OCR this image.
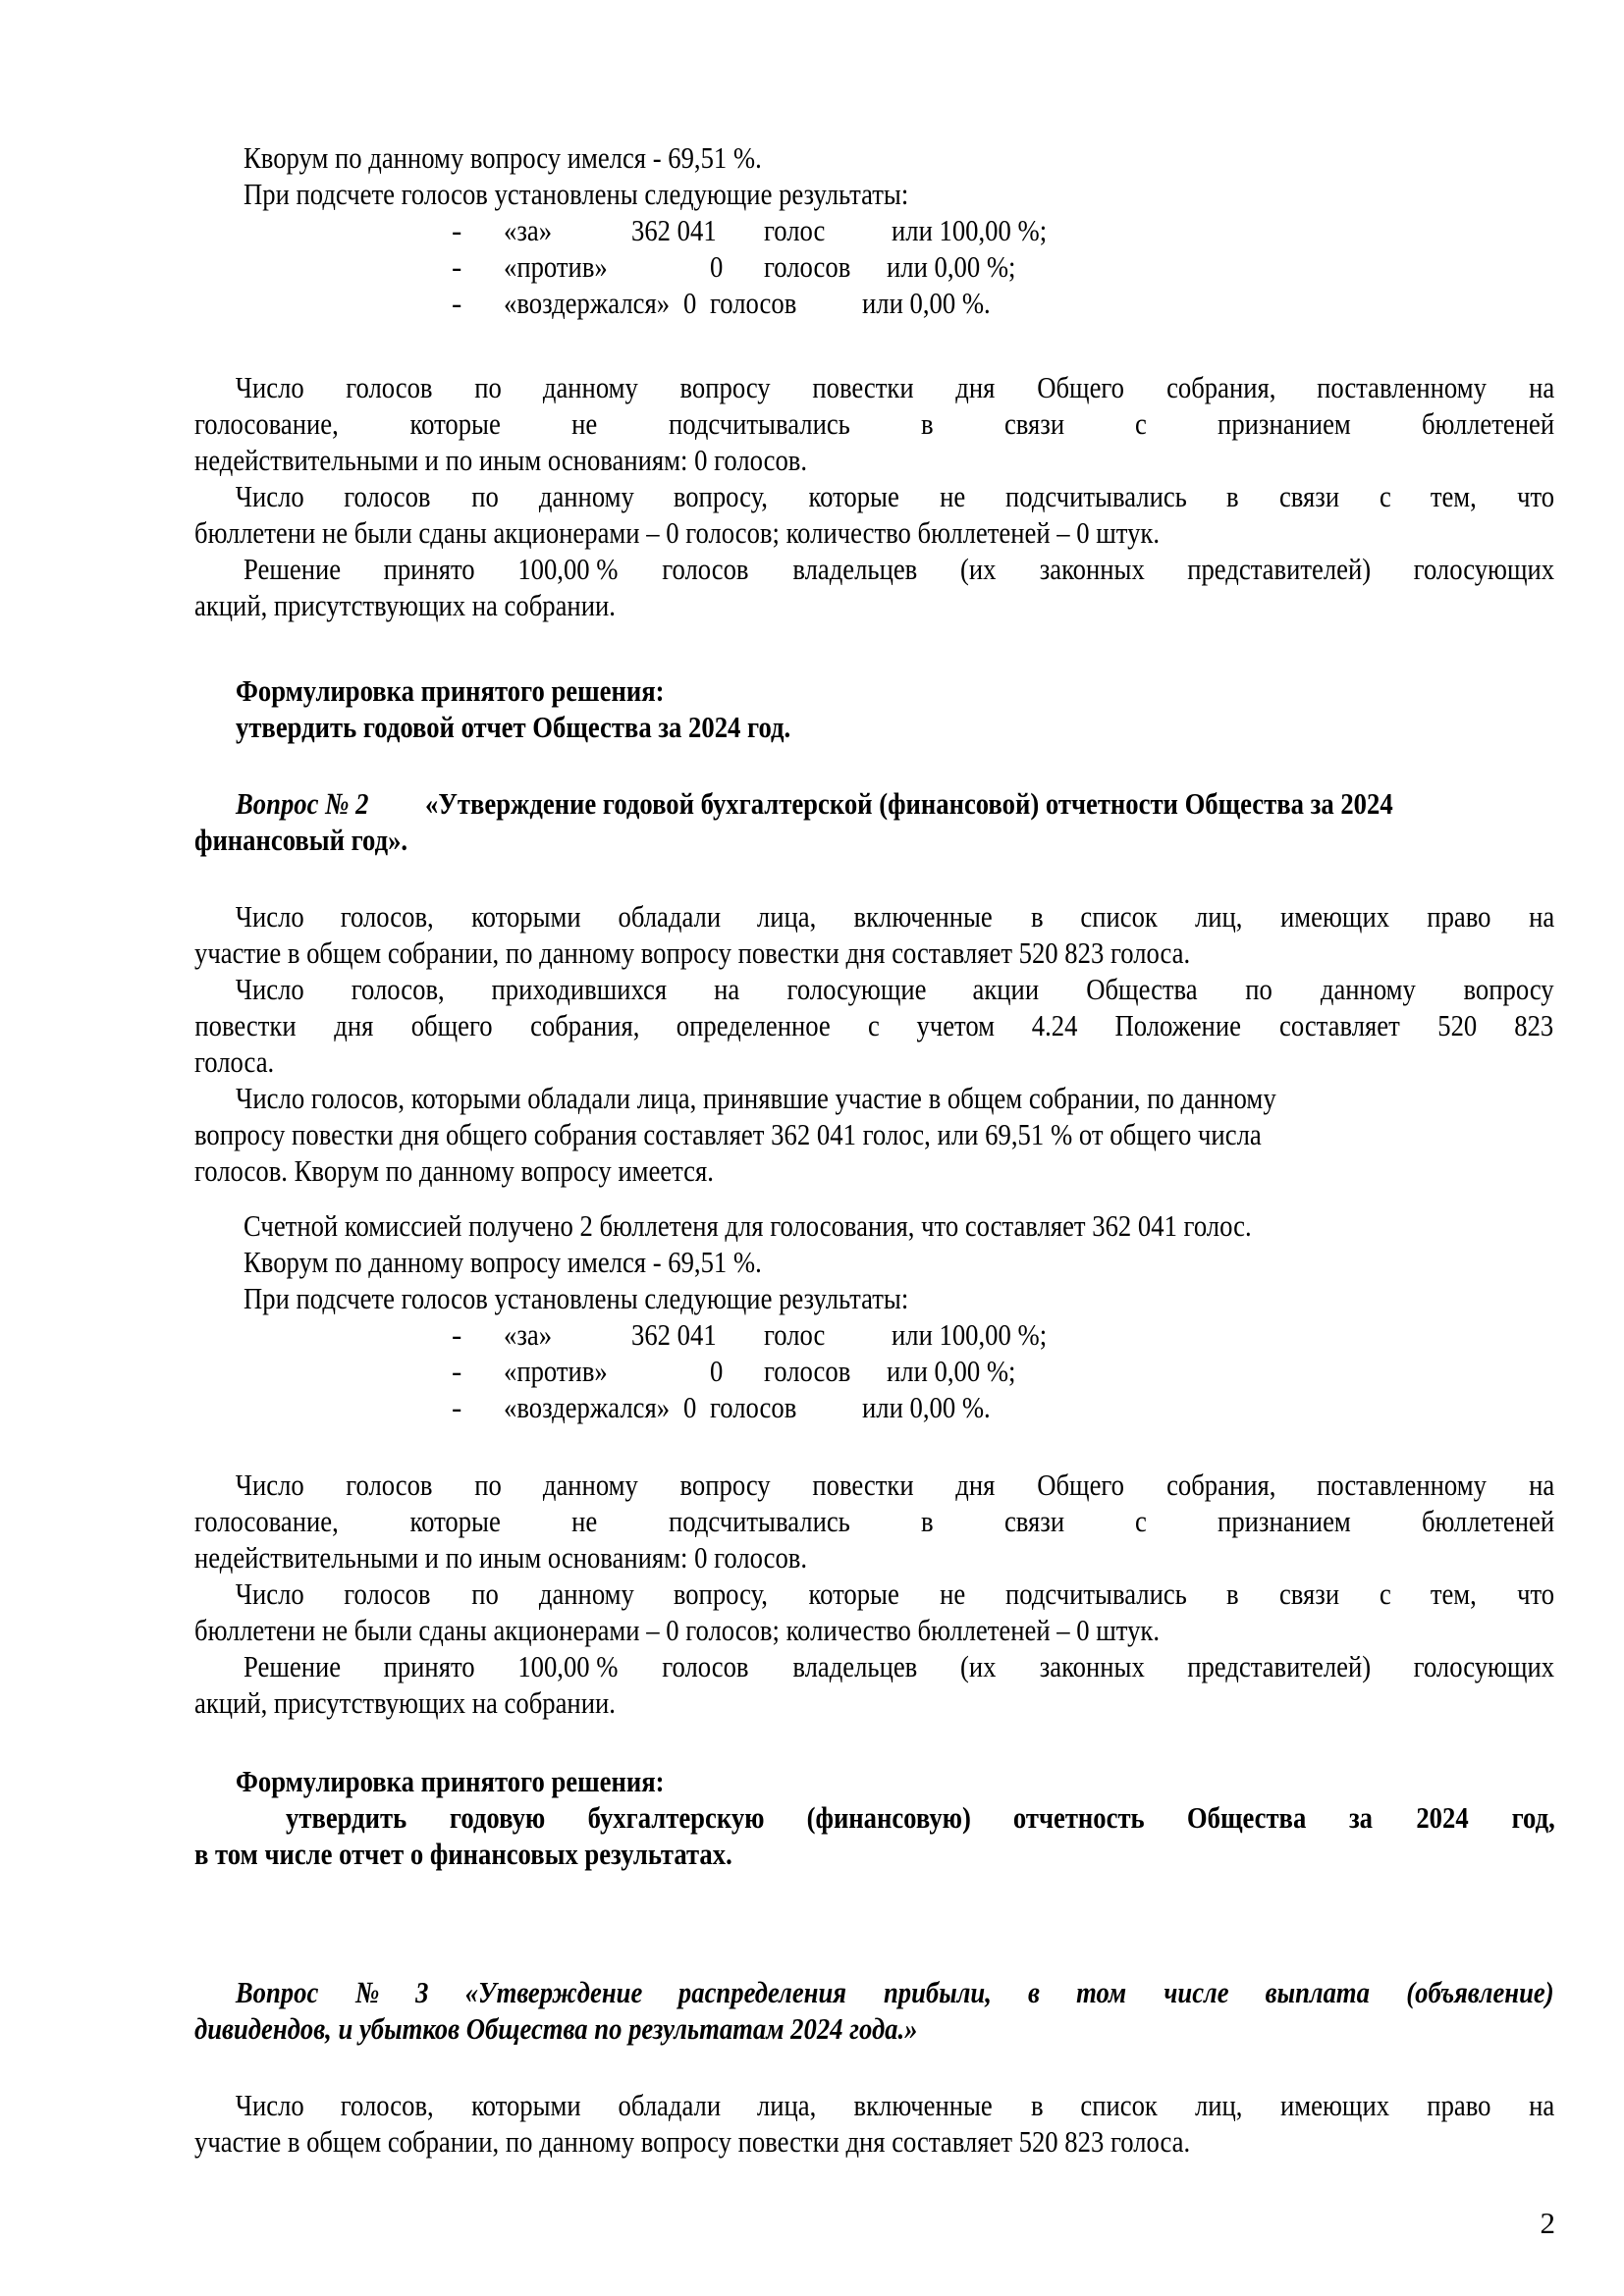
Кворум по данному вопросу имелся - 69,51 %.
При подсчете голосов установлены следующие результаты:
- «за»	362 041 голос или 100,00 %;
- «против»	0 голосов или 0,00 %;
- «воздержался» 0 голосов или 0,00 %.
Число голосов по данному вопросу повестки дня Общего собрания, поставленному на
голосование, которые не подсчитывались в связи с признанием бюллетеней
недействительными и по иным основаниям: 0 голосов.
Число голосов по данному вопросу, которые не подсчитывались в связи с тем, что
бюллетени не были сданы акционерами – 0 голосов; количество бюллетеней – 0 штук.
Решение принято 100,00 % голосов владельцев (их законных представителей) голосующих
акций, присутствующих на собрании.
Формулировка принятого решения:
утвердить годовой отчет Общества за 2024 год.
Вопрос № 2	«Утверждение годовой бухгалтерской (финансовой) отчетности Общества за 2024
финансовый год».
Число голосов, которыми обладали лица, включенные в список лиц, имеющих право на
участие в общем собрании, по данному вопросу повестки дня составляет 520 823 голоса.
Число голосов, приходившихся на голосующие акции Общества по данному вопросу
повестки дня общего собрания, определенное с учетом 4.24 Положение составляет 520 823
голоса.
Число голосов, которыми обладали лица, принявшие участие в общем собрании, по данному
вопросу повестки дня общего собрания составляет 362 041 голос, или 69,51 % от общего числа
голосов. Кворум по данному вопросу имеется.
Счетной комиссией получено 2 бюллетеня для голосования, что составляет 362 041 голос.
Кворум по данному вопросу имелся - 69,51 %.
При подсчете голосов установлены следующие результаты:
- «за»	362 041 голос или 100,00 %;
- «против»	0 голосов или 0,00 %;
- «воздержался» 0 голосов или 0,00 %.
Число голосов по данному вопросу повестки дня Общего собрания, поставленному на
голосование, которые не подсчитывались в связи с признанием бюллетеней
недействительными и по иным основаниям: 0 голосов.
Число голосов по данному вопросу, которые не подсчитывались в связи с тем, что
бюллетени не были сданы акционерами – 0 голосов; количество бюллетеней – 0 штук.
Решение принято 100,00 % голосов владельцев (их законных представителей) голосующих
акций, присутствующих на собрании.
Формулировка принятого решения:
утвердить годовую бухгалтерскую (финансовую) отчетность Общества за 2024 год,
в том числе отчет о финансовых результатах.
Вопрос № 3 «Утверждение распределения прибыли, в том числе выплата (объявление)
дивидендов, и убытков Общества по результатам 2024 года.»
Число голосов, которыми обладали лица, включенные в список лиц, имеющих право на
участие в общем собрании, по данному вопросу повестки дня составляет 520 823 голоса.
2
